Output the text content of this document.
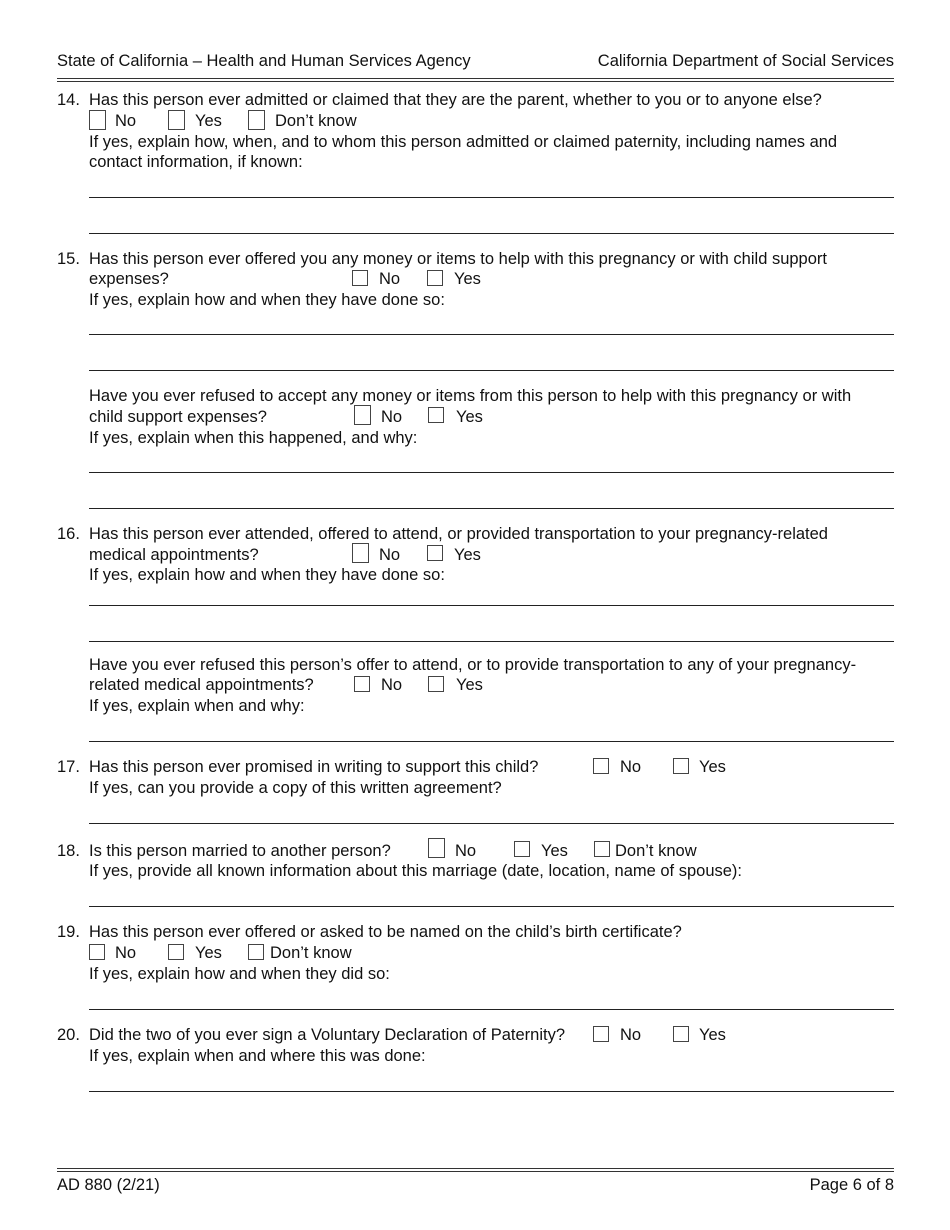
State of California – Health and Human Services Agency	California Department of Social Services
14. Has this person ever admitted or claimed that they are the parent, whether to you or to anyone else?
No	Yes	Don’t know
If yes, explain how, when, and to whom this person admitted or claimed paternity, including names and
contact information, if known:
15. Has this person ever offered you any money or items to help with this pregnancy or with child support
expenses?	No	Yes
If yes, explain how and when they have done so:
Have you ever refused to accept any money or items from this person to help with this pregnancy or with
child support expenses?	No	Yes
If yes, explain when this happened, and why:
16. Has this person ever attended, offered to attend, or provided transportation to your pregnancy-related
medical appointments?	No	Yes
If yes, explain how and when they have done so:
Have you ever refused this person’s offer to attend, or to provide transportation to any of your pregnancy-
related medical appointments?	No	Yes
If yes, explain when and why:
17. Has this person ever promised in writing to support this child?	No	Yes
If yes, can you provide a copy of this written agreement?
18. Is this person married to another person?	No	Yes	Don’t know
If yes, provide all known information about this marriage (date, location, name of spouse):
19. Has this person ever offered or asked to be named on the child’s birth certificate?
No	Yes	Don’t know
If yes, explain how and when they did so:
20. Did the two of you ever sign a Voluntary Declaration of Paternity?	No	Yes
If yes, explain when and where this was done:
AD 880 (2/21)	Page 6 of 8
